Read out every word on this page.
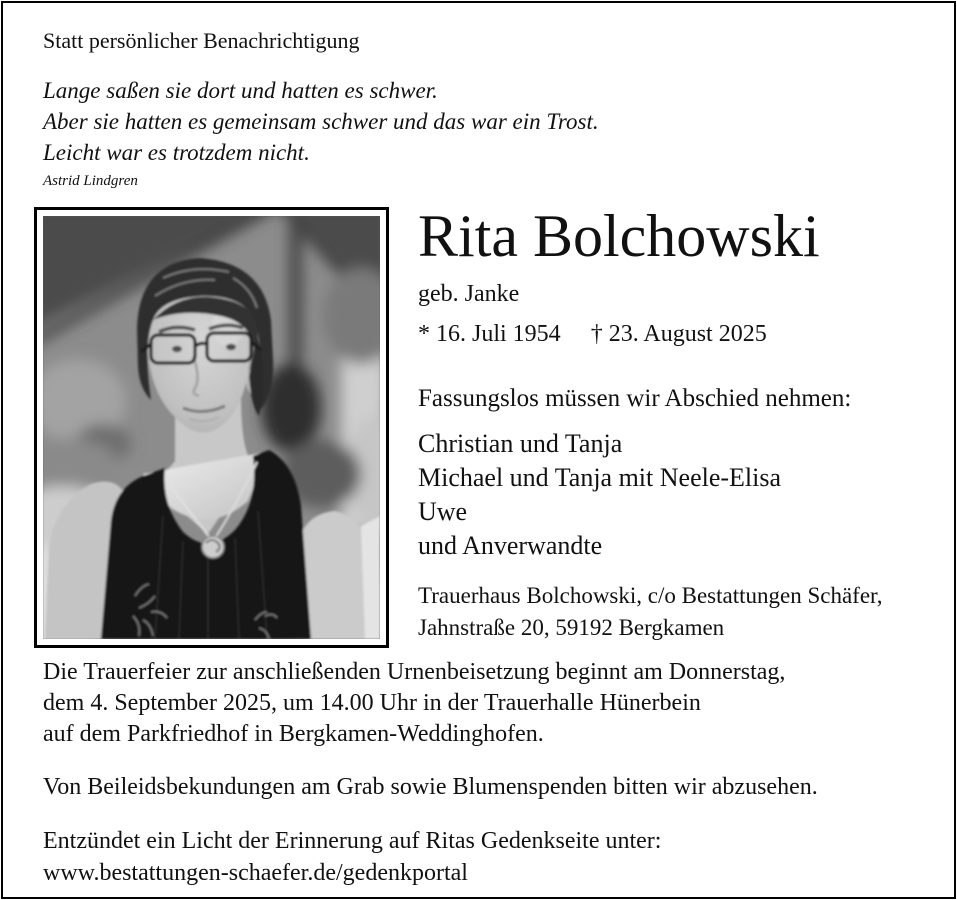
Statt persönlicher Benachrichtigung
Lange saßen sie dort und hatten es schwer.
Aber sie hatten es gemeinsam schwer und das war ein Trost.
Leicht war es trotzdem nicht.
Astrid Lindgren
Rita Bolchowski
geb. Janke
* 16. Juli 1954 † 23. August 2025
Fassungslos müssen wir Abschied nehmen:
Christian und Tanja
Michael und Tanja mit Neele-Elisa
Uwe
und Anverwandte
Trauerhaus Bolchowski, c/o Bestattungen Schäfer,
Jahnstraße 20, 59192 Bergkamen
Die Trauerfeier zur anschließenden Urnenbeisetzung beginnt am Donnerstag,
dem 4. September 2025, um 14.00 Uhr in der Trauerhalle Hünerbein
auf dem Parkfriedhof in Bergkamen-Weddinghofen.
Von Beileidsbekundungen am Grab sowie Blumenspenden bitten wir abzusehen.
Entzündet ein Licht der Erinnerung auf Ritas Gedenkseite unter:
www.bestattungen-schaefer.de/gedenkportal
